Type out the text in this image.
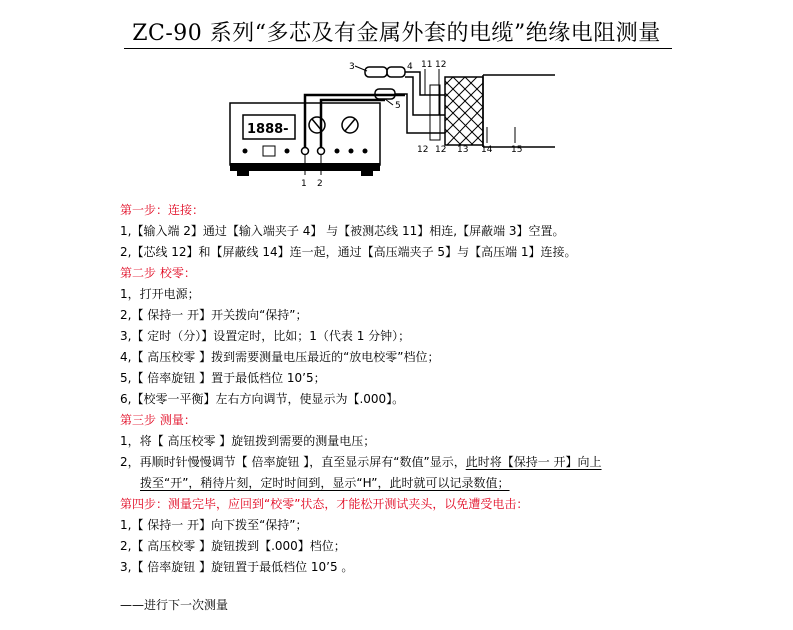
ZC-90 系列“多芯及有金属外套的电缆”绝缘电阻测量
1888-
1 2
3	4
5
11 12
12 12 13 14 15
第一步：连接：
1,【输入端 2】通过【输入端夹子 4】 与【被测芯线 11】相连,【屏蔽端 3】空置。
2,【芯线 12】和【屏蔽线 14】连一起，通过【高压端夹子 5】与【高压端 1】连接。
第二步 校零：
1，打开电源；
2,【 保持一 开】开关拨向“保持”；
3,【 定时（分）】设置定时，比如；1（代表 1 分钟）；
4,【 高压校零 】拨到需要测量电压最近的“放电校零”档位；
5,【 倍率旋钮 】置于最低档位 10’5；
6,【校零一平衡】左右方向调节，使显示为【.000】。
第三步 测量：
1，将【 高压校零 】旋钮拨到需要的测量电压；
2，再顺时针慢慢调节【 倍率旋钮 】，直至显示屏有“数值”显示，此时将【保持一 开】向上
拨至“开”，稍待片刻，定时时间到，显示“H”，此时就可以记录数值；
第四步：测量完毕，应回到“校零”状态，才能松开测试夹头，以免遭受电击：
1,【 保持一 开】向下拨至“保持”；
2,【 高压校零 】旋钮拨到【.000】档位；
3,【 倍率旋钮 】旋钮置于最低档位 10’5 。
——进行下一次测量
